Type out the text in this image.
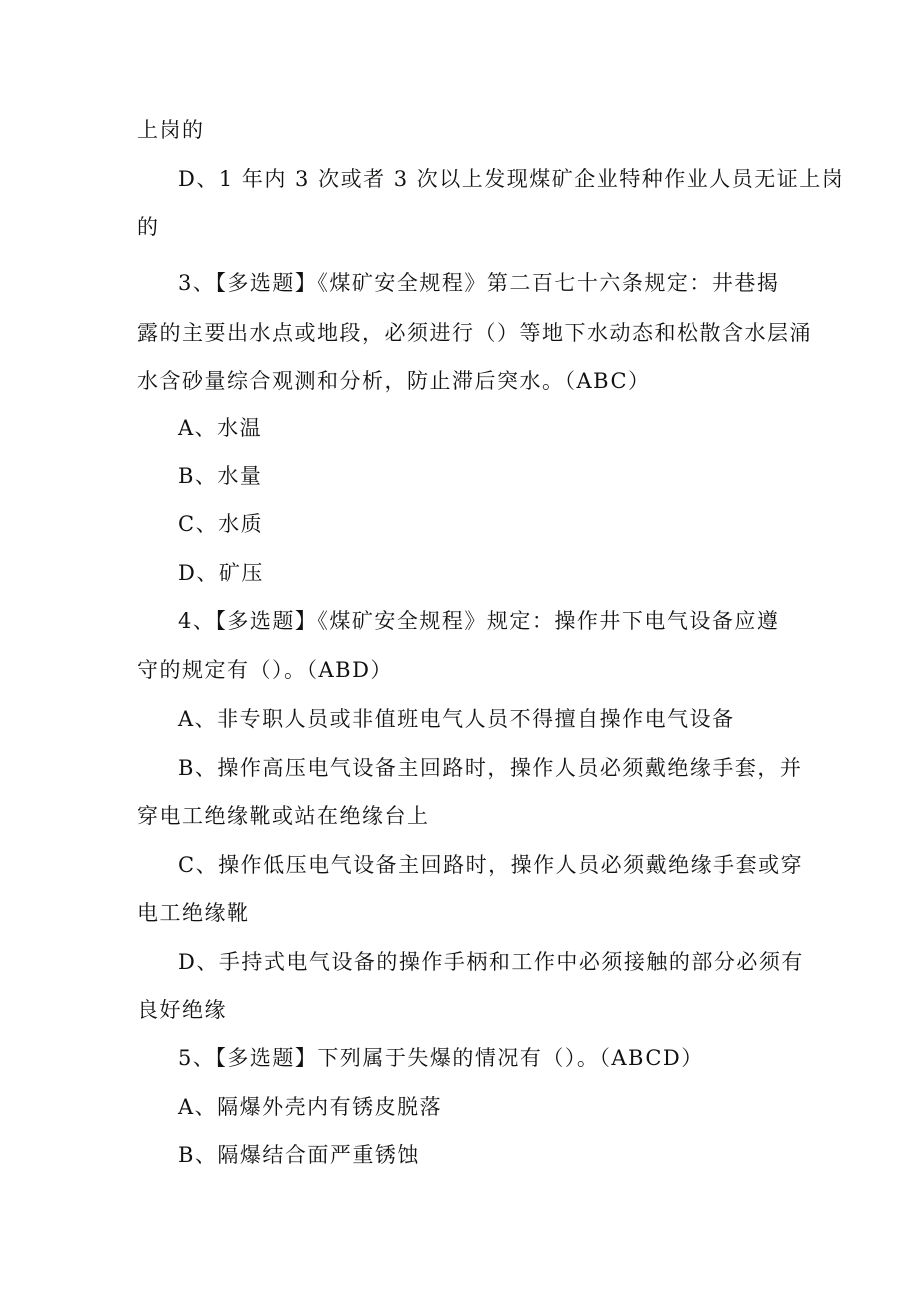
上岗的
D、1 年内 3 次或者 3 次以上发现煤矿企业特种作业人员无证上岗
的
3、【多选题】《煤矿安全规程》第二百七十六条规定：井巷揭
露的主要出水点或地段，必须进行（）等地下水动态和松散含水层涌
水含砂量综合观测和分析，防止滞后突水。（ABC）
A、水温
B、水量
C、水质
D、矿压
4、【多选题】《煤矿安全规程》规定：操作井下电气设备应遵
守的规定有（）。（ABD）
A、非专职人员或非值班电气人员不得擅自操作电气设备
B、操作高压电气设备主回路时，操作人员必须戴绝缘手套，并
穿电工绝缘靴或站在绝缘台上
C、操作低压电气设备主回路时，操作人员必须戴绝缘手套或穿
电工绝缘靴
D、手持式电气设备的操作手柄和工作中必须接触的部分必须有
良好绝缘
5、【多选题】下列属于失爆的情况有（）。（ABCD）
A、隔爆外壳内有锈皮脱落
B、隔爆结合面严重锈蚀
